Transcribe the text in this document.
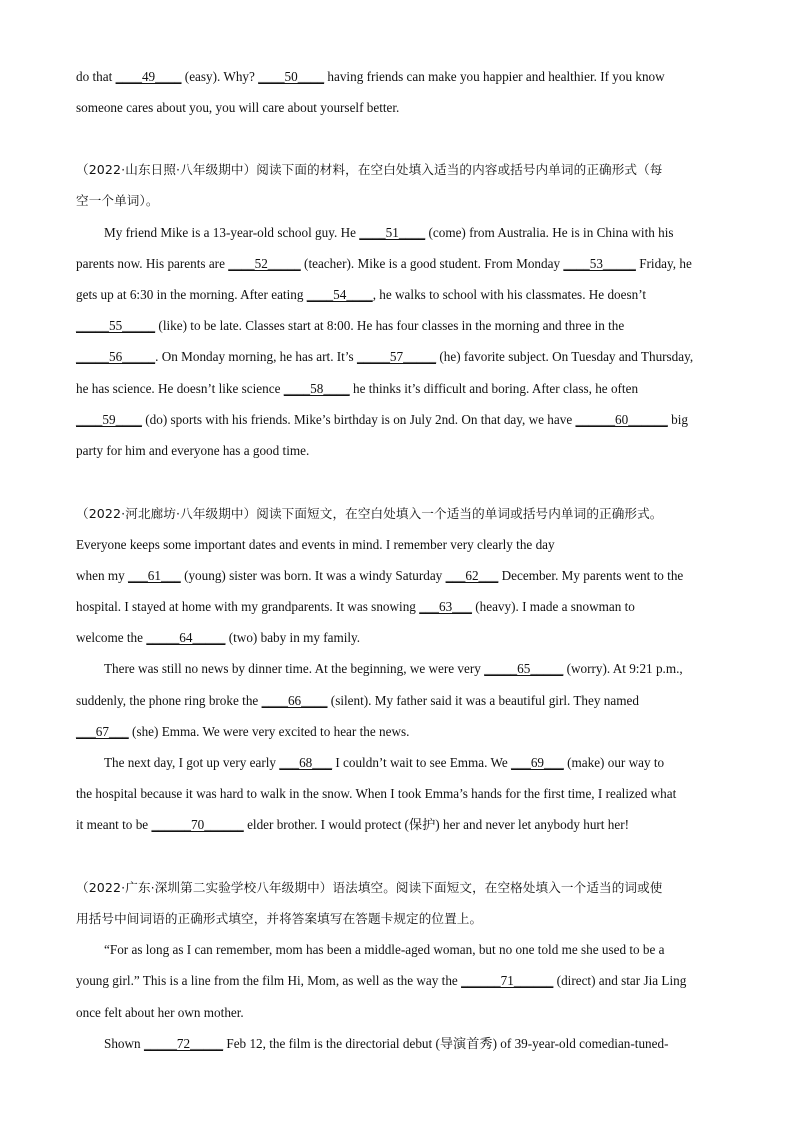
do that ____49____ (easy). Why? ____50____ having friends can make you happier and healthier. If you know
someone cares about you, you will care about yourself better.
（2022·山东日照·八年级期中）阅读下面的材料，在空白处填入适当的内容或括号内单词的正确形式（每
空一个单词）。
My friend Mike is a 13-year-old school guy. He ____51____ (come) from Australia. He is in China with his
parents now. His parents are ____52_____ (teacher). Mike is a good student. From Monday ____53_____ Friday, he
gets up at 6:30 in the morning. After eating ____54____, he walks to school with his classmates. He doesn’t
_____55_____ (like) to be late. Classes start at 8:00. He has four classes in the morning and three in the
_____56_____. On Monday morning, he has art. It’s _____57_____ (he) favorite subject. On Tuesday and Thursday,
he has science. He doesn’t like science ____58____ he thinks it’s difficult and boring. After class, he often
____59____ (do) sports with his friends. Mike’s birthday is on July 2nd. On that day, we have ______60______ big
party for him and everyone has a good time.
（2022·河北廊坊·八年级期中）阅读下面短文，在空白处填入一个适当的单词或括号内单词的正确形式。
Everyone keeps some important dates and events in mind. I remember very clearly the day
when my ___61___ (young) sister was born. It was a windy Saturday ___62___ December. My parents went to the
hospital. I stayed at home with my grandparents. It was snowing ___63___ (heavy). I made a snowman to
welcome the _____64_____ (two) baby in my family.
There was still no news by dinner time. At the beginning, we were very _____65_____ (worry). At 9:21 p.m.,
suddenly, the phone ring broke the ____66____ (silent). My father said it was a beautiful girl. They named
___67___ (she) Emma. We were very excited to hear the news.
The next day, I got up very early ___68___ I couldn’t wait to see Emma. We ___69___ (make) our way to
the hospital because it was hard to walk in the snow. When I took Emma’s hands for the first time, I realized what
it meant to be ______70______ elder brother. I would protect (保护) her and never let anybody hurt her!
（2022·广东·深圳第二实验学校八年级期中）语法填空。阅读下面短文，在空格处填入一个适当的词或使
用括号中间词语的正确形式填空，并将答案填写在答题卡规定的位置上。
“For as long as I can remember, mom has been a middle-aged woman, but no one told me she used to be a
young girl.” This is a line from the film Hi, Mom, as well as the way the ______71______ (direct) and star Jia Ling
once felt about her own mother.
Shown _____72_____ Feb 12, the film is the directorial debut (导演首秀) of 39-year-old comedian-tuned-
